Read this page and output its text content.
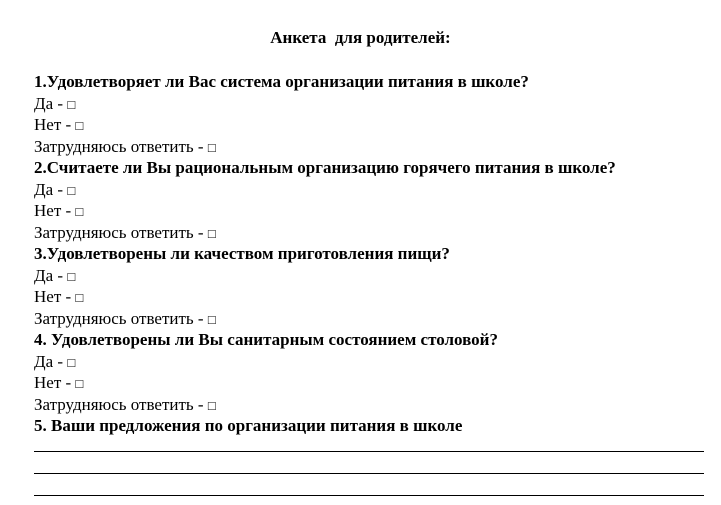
Анкета  для родителей:
1.Удовлетворяет ли Вас система организации питания в школе?
Да - □
Нет - □
Затрудняюсь ответить - □
2.Считаете ли Вы рациональным организацию горячего питания в школе?
Да - □
Нет - □
Затрудняюсь ответить - □
3.Удовлетворены ли качеством приготовления пищи?
Да - □
Нет - □
Затрудняюсь ответить - □
4. Удовлетворены ли Вы санитарным состоянием столовой?
Да - □
Нет - □
Затрудняюсь ответить - □
5. Ваши предложения по организации питания в школе
